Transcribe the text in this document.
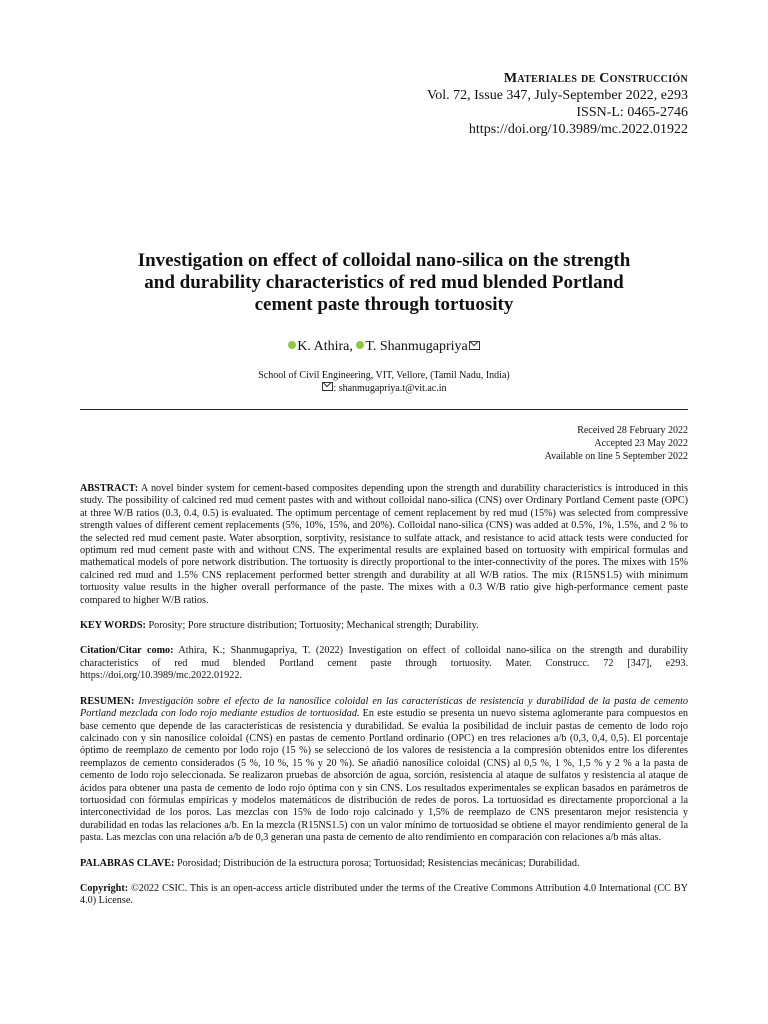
Materiales de Construcción
Vol. 72, Issue 347, July-September 2022, e293
ISSN-L: 0465-2746
https://doi.org/10.3989/mc.2022.01922
Investigation on effect of colloidal nano-silica on the strength
and durability characteristics of red mud blended Portland
cement paste through tortuosity
K. Athira, T. Shanmugapriya
School of Civil Engineering, VIT, Vellore, (Tamil Nadu, India)
: shanmugapriya.t@vit.ac.in
Received 28 February 2022
Accepted 23 May 2022
Available on line 5 September 2022
ABSTRACT: A novel binder system for cement-based composites depending upon the strength and durability characteristics is introduced in this study. The possibility of calcined red mud cement pastes with and without colloidal nano-silica (CNS) over Ordinary Portland Cement paste (OPC) at three W/B ratios (0.3, 0.4, 0.5) is evaluated. The optimum percentage of cement replacement by red mud (15%) was selected from compressive strength values of different cement replacements (5%, 10%, 15%, and 20%). Colloidal nano-silica (CNS) was added at 0.5%, 1%, 1.5%, and 2 % to the selected red mud cement paste. Water absorption, sorptivity, resistance to sulfate attack, and resistance to acid attack tests were conducted for optimum red mud cement paste with and without CNS. The experimental results are explained based on tortuosity with empirical formulas and mathematical models of pore network distribution. The tortuosity is directly proportional to the inter-connectivity of the pores. The mixes with 15% calcined red mud and 1.5% CNS replacement performed better strength and durability at all W/B ratios. The mix (R15NS1.5) with minimum tortuosity value results in the higher overall performance of the paste. The mixes with a 0.3 W/B ratio give high-performance cement paste compared to higher W/B ratios.
KEY WORDS: Porosity; Pore structure distribution; Tortuosity; Mechanical strength; Durability.
Citation/Citar como: Athira, K.; Shanmugapriya, T. (2022) Investigation on effect of colloidal nano-silica on the strength and durability characteristics of red mud blended Portland cement paste through tortuosity. Mater. Construcc. 72 [347], e293. https://doi.org/10.3989/mc.2022.01922.
RESUMEN: Investigación sobre el efecto de la nanosílice coloidal en las características de resistencia y durabilidad de la pasta de cemento Portland mezclada con lodo rojo mediante estudios de tortuosidad. En este estudio se presenta un nuevo sistema aglomerante para compuestos en base cemento que depende de las características de resistencia y durabilidad. Se evalúa la posibilidad de incluir pastas de cemento de lodo rojo calcinado con y sin nanosílice coloidal (CNS) en pastas de cemento Portland ordinario (OPC) en tres relaciones a/b (0,3, 0,4, 0,5). El porcentaje óptimo de reemplazo de cemento por lodo rojo (15 %) se seleccionó de los valores de resistencia a la compresión obtenidos entre los diferentes reemplazos de cemento considerados (5 %, 10 %, 15 % y 20 %). Se añadió nanosílice coloidal (CNS) al 0,5 %, 1 %, 1,5 % y 2 % a la pasta de cemento de lodo rojo seleccionada. Se realizaron pruebas de absorción de agua, sorción, resistencia al ataque de sulfatos y resistencia al ataque de ácidos para obtener una pasta de cemento de lodo rojo óptima con y sin CNS. Los resultados experimentales se explican basados en parámetros de tortuosidad con fórmulas empíricas y modelos matemáticos de distribución de redes de poros. La tortuosidad es directamente proporcional a la interconectividad de los poros. Las mezclas con 15% de lodo rojo calcinado y 1,5% de reemplazo de CNS presentaron mejor resistencia y durabilidad en todas las relaciones a/b. En la mezcla (R15NS1.5) con un valor mínimo de tortuosidad se obtiene el mayor rendimiento general de la pasta. Las mezclas con una relación a/b de 0,3 generan una pasta de cemento de alto rendimiento en comparación con relaciones a/b más altas.
PALABRAS CLAVE: Porosidad; Distribución de la estructura porosa; Tortuosidad; Resistencias mecánicas; Durabilidad.
Copyright: ©2022 CSIC. This is an open-access article distributed under the terms of the Creative Commons Attribution 4.0 International (CC BY 4.0) License.
